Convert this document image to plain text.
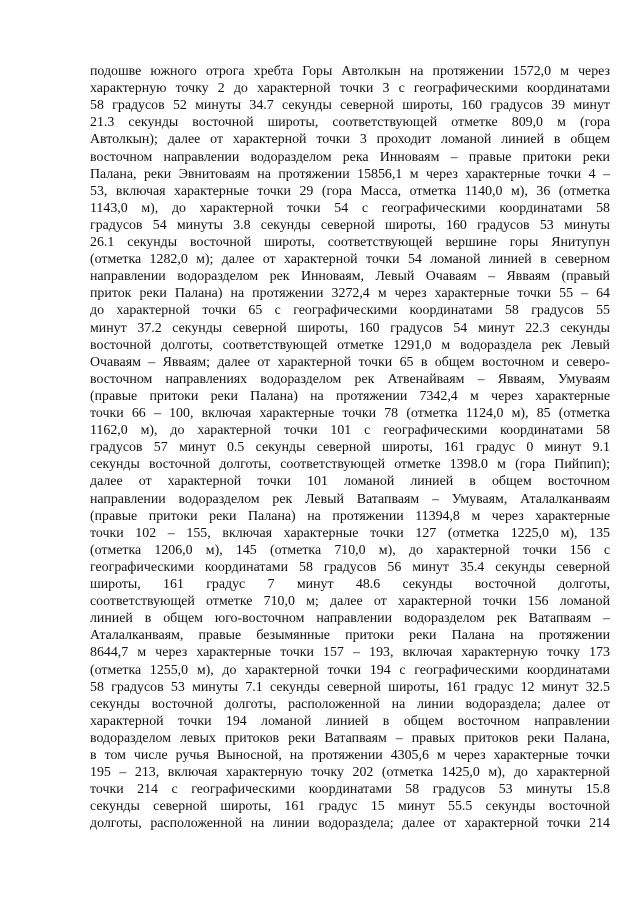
подошве южного отрога хребта Горы Автолкын на протяжении 1572,0 м через
характерную точку 2 до характерной точки 3 с географическими координатами
58 градусов 52 минуты 34.7 секунды северной широты, 160 градусов 39 минут
21.3 секунды восточной широты, соответствующей отметке 809,0 м (гора
Автолкын); далее от характерной точки 3 проходит ломаной линией в общем
восточном направлении водоразделом река Инноваям – правые притоки реки
Палана, реки Эвнитоваям на протяжении 15856,1 м через характерные точки 4 –
53, включая характерные точки 29 (гора Масса, отметка 1140,0 м), 36 (отметка
1143,0 м), до характерной точки 54 с географическими координатами 58
градусов 54 минуты 3.8 секунды северной широты, 160 градусов 53 минуты
26.1 секунды восточной широты, соответствующей вершине горы Янитупун
(отметка 1282,0 м); далее от характерной точки 54 ломаной линией в северном
направлении водоразделом рек Инноваям, Левый Очаваям – Явваям (правый
приток реки Палана) на протяжении 3272,4 м через характерные точки 55 – 64
до характерной точки 65 с географическими координатами 58 градусов 55
минут 37.2 секунды северной широты, 160 градусов 54 минут 22.3 секунды
восточной долготы, соответствующей отметке 1291,0 м водораздела рек Левый
Очаваям – Явваям; далее от характерной точки 65 в общем восточном и северо-
восточном направлениях водоразделом рек Атвенайваям – Явваям, Умуваям
(правые притоки реки Палана) на протяжении 7342,4 м через характерные
точки 66 – 100, включая характерные точки 78 (отметка 1124,0 м), 85 (отметка
1162,0 м), до характерной точки 101 с географическими координатами 58
градусов 57 минут 0.5 секунды северной широты, 161 градус 0 минут 9.1
секунды восточной долготы, соответствующей отметке 1398.0 м (гора Пийпип);
далее от характерной точки 101 ломаной линией в общем восточном
направлении водоразделом рек Левый Ватапваям – Умуваям, Аталалканваям
(правые притоки реки Палана) на протяжении 11394,8 м через характерные
точки 102 – 155, включая характерные точки 127 (отметка 1225,0 м), 135
(отметка 1206,0 м), 145 (отметка 710,0 м), до характерной точки 156 с
географическими координатами 58 градусов 56 минут 35.4 секунды северной
широты, 161 градус 7 минут 48.6 секунды восточной долготы,
соответствующей отметке 710,0 м; далее от характерной точки 156 ломаной
линией в общем юго-восточном направлении водоразделом рек Ватапваям –
Аталалканваям, правые безымянные притоки реки Палана на протяжении
8644,7 м через характерные точки 157 – 193, включая характерную точку 173
(отметка 1255,0 м), до характерной точки 194 с географическими координатами
58 градусов 53 минуты 7.1 секунды северной широты, 161 градус 12 минут 32.5
секунды восточной долготы, расположенной на линии водораздела; далее от
характерной точки 194 ломаной линией в общем восточном направлении
водоразделом левых притоков реки Ватапваям – правых притоков реки Палана,
в том числе ручья Выносной, на протяжении 4305,6 м через характерные точки
195 – 213, включая характерную точку 202 (отметка 1425,0 м), до характерной
точки 214 с географическими координатами 58 градусов 53 минуты 15.8
секунды северной широты, 161 градус 15 минут 55.5 секунды восточной
долготы, расположенной на линии водораздела; далее от характерной точки 214
